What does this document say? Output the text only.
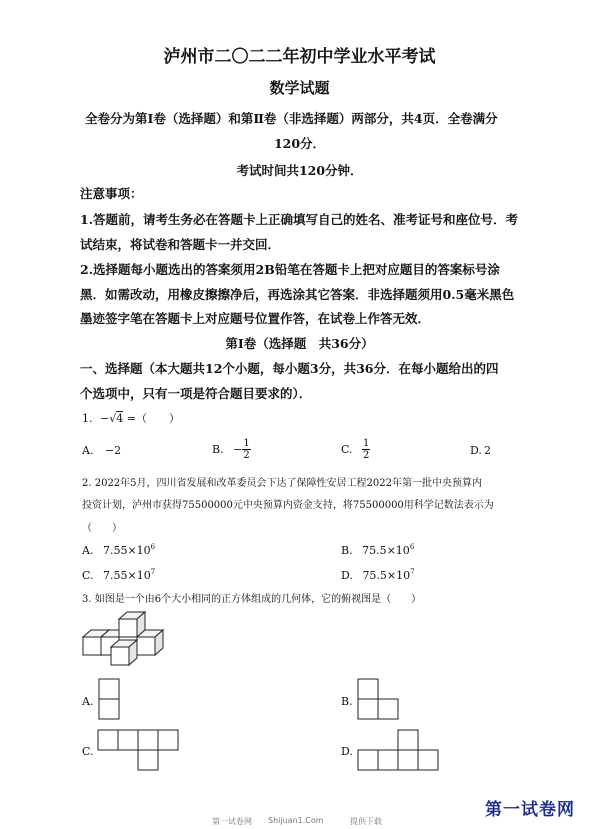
泸州市二〇二二年初中学业水平考试
数学试题
全卷分为第Ⅰ卷（选择题）和第Ⅱ卷（非选择题）两部分，共4页．全卷满分
120分．
考试时间共120分钟．
注意事项：
1.答题前，请考生务必在答题卡上正确填写自己的姓名、准考证号和座位号．考
试结束，将试卷和答题卡一并交回．
2.选择题每小题选出的答案须用2B铅笔在答题卡上把对应题目的答案标号涂
黑．如需改动，用橡皮擦擦净后，再选涂其它答案．非选择题须用0.5毫米黑色
墨迹签字笔在答题卡上对应题号位置作答，在试卷上作答无效．
第Ⅰ卷（选择题　共36分）
一、选择题（本大题共12个小题，每小题3分，共36分．在每小题给出的四
个选项中，只有一项是符合题目要求的）．
1. −√4 =（　　）
A. −2	B. − $\frac{1}{2}$	C. $\frac{1}{2}$	D. 2
2. 2022年5月，四川省发展和改革委员会下达了保障性安居工程2022年第一批中央预算内
投资计划，泸州市获得75500000元中央预算内资金支持，将75500000用科学记数法表示为
（　　）
A. $7.55\times 10^6$	B. $75.5\times 10^6$
C. $7.55\times 10^7$	D. $75.5\times 10^7$
3. 如图是一个由6个大小相同的正方体组成的几何体，它的俯视图是（　　）
A.	B.
C.	D.
第一试卷网 Shijuan1.Com	提供下载
第一试卷网
